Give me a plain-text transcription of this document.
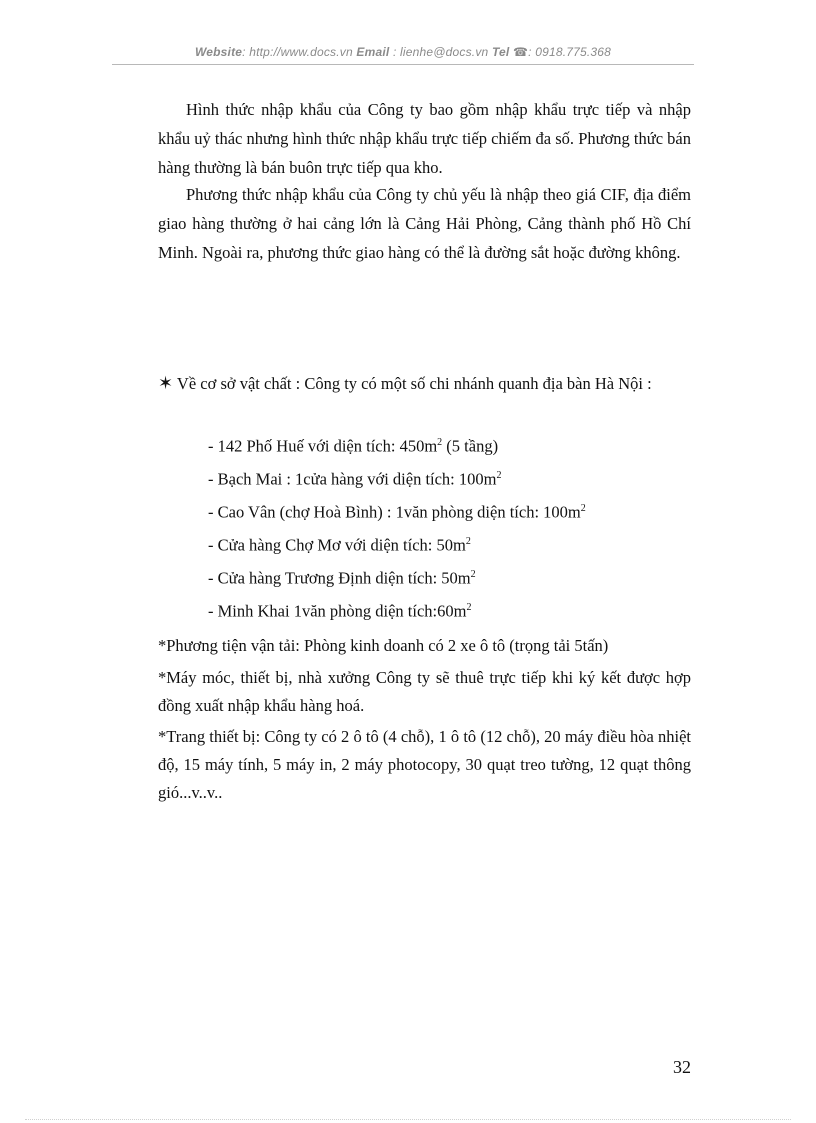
Website: http://www.docs.vn Email : lienhe@docs.vn Tel ☎: 0918.775.368

Hình thức nhập khẩu của Công ty bao gồm nhập khẩu trực tiếp và nhập khẩu uỷ thác nhưng hình thức nhập khẩu trực tiếp chiếm đa số. Phương thức bán hàng thường là bán buôn trực tiếp qua kho.

Phương thức nhập khẩu của Công ty chủ yếu là nhập theo giá CIF, địa điểm giao hàng thường ở hai cảng lớn là Cảng Hải Phòng, Cảng thành phố Hồ Chí Minh. Ngoài ra, phương thức giao hàng có thể là đường sắt hoặc đường không.

✶ Về cơ sở vật chất : Công ty có một số chi nhánh quanh địa bàn Hà Nội :

- 142 Phố Huế với diện tích: $450m^2$ (5 tầng)
- Bạch Mai : 1cửa hàng với diện tích: $100m^2$
- Cao Vân (chợ Hoà Bình) : 1văn phòng diện tích: $100m^2$
- Cửa hàng Chợ Mơ với diện tích: $50m^2$
- Cửa hàng Trương Định diện tích: $50m^2$
- Minh Khai 1văn phòng diện $tích:60m^2$

*Phương tiện vận tải: Phòng kinh doanh có 2 xe ô tô (trọng tải 5tấn)

*Máy móc, thiết bị, nhà xưởng Công ty sẽ thuê trực tiếp khi ký kết được hợp đồng xuất nhập khẩu hàng hoá.

*Trang thiết bị: Công ty có 2 ô tô (4 chỗ), 1 ô tô (12 chỗ), 20 máy điều hòa nhiệt độ, 15 máy tính, 5 máy in, 2 máy photocopy, 30 quạt treo tường, 12 quạt thông gió...v..v..

32
